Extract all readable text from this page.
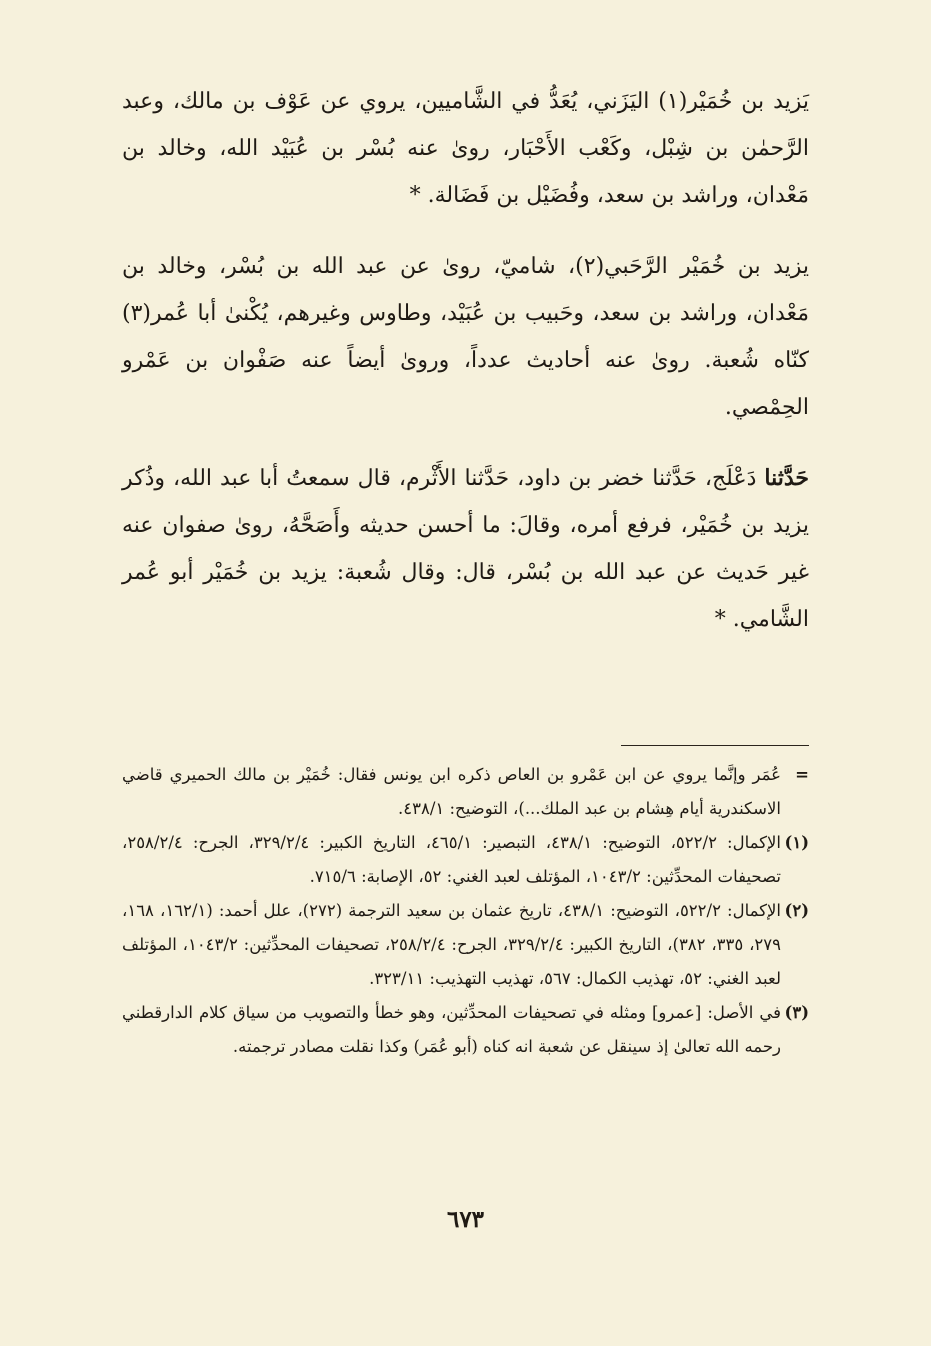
يَزيد بن خُمَيْر(١) اليَزَني، يُعَدُّ في الشَّاميين، يروي عن عَوْف بن مالك، وعبد الرَّحمٰن بن شِبْل، وكَعْب الأَحْبَار، روىٰ عنه بُسْر بن عُبَيْد الله، وخالد بن مَعْدان، وراشد بن سعد، وفُضَيْل بن فَضَالة. *

يزيد بن خُمَيْر الرَّحَبي(٢)، شاميّ، روىٰ عن عبد الله بن بُسْر، وخالد بن مَعْدان، وراشد بن سعد، وحَبيب بن عُبَيْد، وطاوس وغيرهم، يُكْنىٰ أبا عُمر(٣) كنّاه شُعبة. روىٰ عنه أحاديث عدداً، وروىٰ أيضاً عنه صَفْوان بن عَمْرو الحِمْصي.

حَدَّثنا دَعْلَج، حَدَّثنا خضر بن داود، حَدَّثنا الأَثْرم، قال سمعتُ أبا عبد الله، وذُكر يزيد بن خُمَيْر، فرفع أمره، وقالَ: ما أحسن حديثه وأَصَحَّهُ، روىٰ صفوان عنه غير حَديث عن عبد الله بن بُسْر، قال: وقال شُعبة: يزيد بن خُمَيْر أبو عُمر الشَّامي. *

=
عُمَر وإنَّما يروي عن ابن عَمْرو بن العاص ذكره ابن يونس فقال: خُمَيْر بن مالك الحميري قاضي الاسكندرية أيام هِشام بن عبد الملك...)، التوضيح: ٤٣٨/١.
(١)
الإكمال: ٥٢٢/٢، التوضيح: ٤٣٨/١، التبصير: ٤٦٥/١، التاريخ الكبير: ٣٢٩/٢/٤، الجرح: ٢٥٨/٢/٤، تصحيفات المحدِّثين: ١٠٤٣/٢، المؤتلف لعبد الغني: ٥٢، الإصابة: ٧١٥/٦.
(٢)
الإكمال: ٥٢٢/٢، التوضيح: ٤٣٨/١، تاريخ عثمان بن سعيد الترجمة (٢٧٢)، علل أحمد: (١٦٢/١، ١٦٨، ٢٧٩، ٣٣٥، ٣٨٢)، التاريخ الكبير: ٣٢٩/٢/٤، الجرح: ٢٥٨/٢/٤، تصحيفات المحدِّثين: ١٠٤٣/٢، المؤتلف لعبد الغني: ٥٢، تهذيب الكمال: ٥٦٧، تهذيب التهذيب: ٣٢٣/١١.
(٣)
في الأصل: [عمرو] ومثله في تصحيفات المحدِّثين، وهو خطأ والتصويب من سياق كلام الدارقطني رحمه الله تعالىٰ إذ سينقل عن شعبة انه كناه (أبو عُمَر) وكذا نقلت مصادر ترجمته.
٦٧٣
